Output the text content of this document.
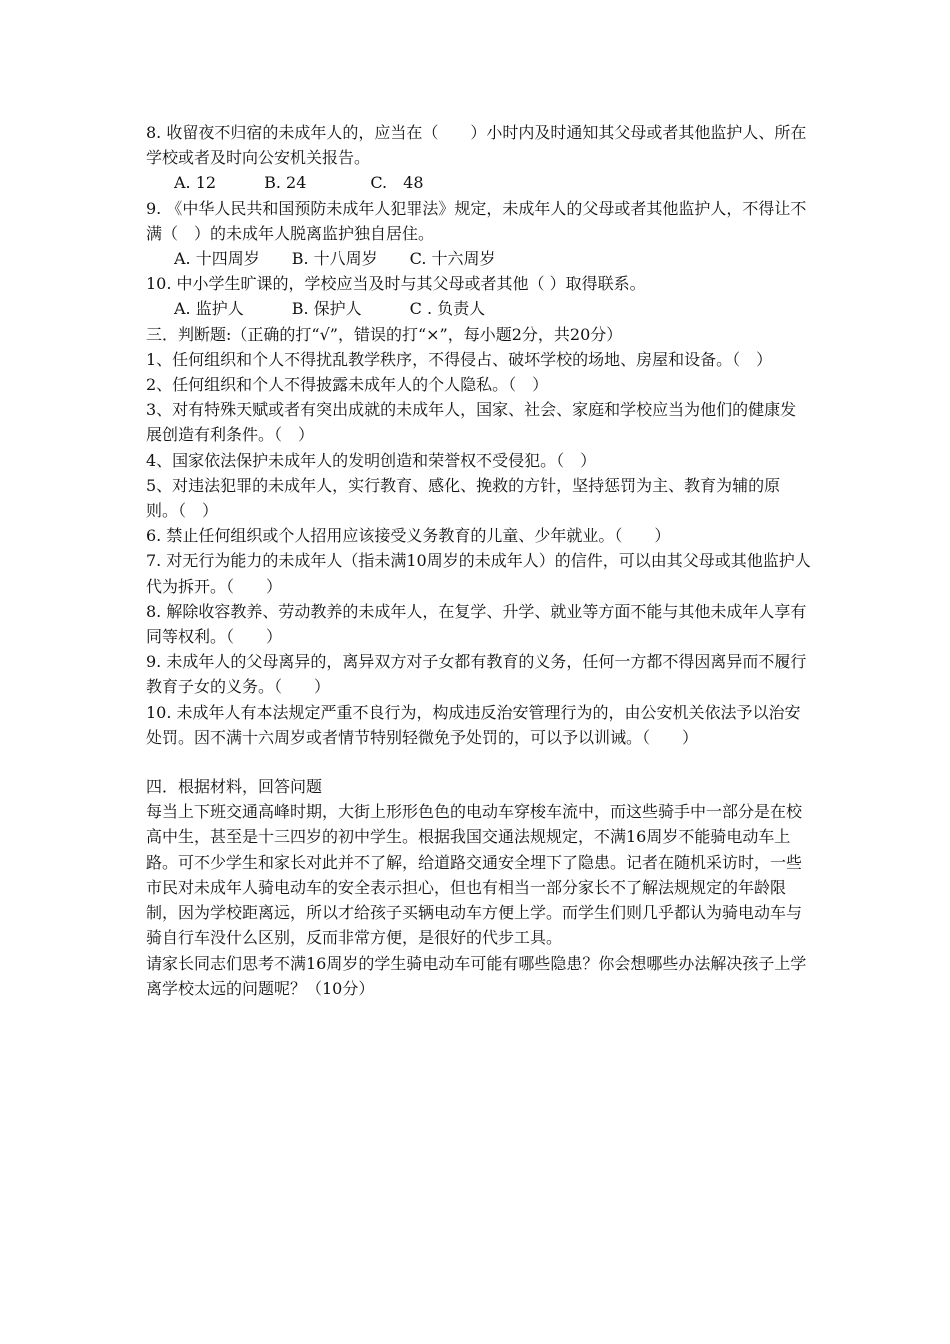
8. 收留夜不归宿的未成年人的，应当在（　　）小时内及时通知其父母或者其他监护人、所在学校或者及时向公安机关报告。

A. 12　　　B. 24　　　　C.　48

9. 《中华人民共和国预防未成年人犯罪法》规定，未成年人的父母或者其他监护人，不得让不满（　）的未成年人脱离监护独自居住。

A. 十四周岁　　B. 十八周岁　　C. 十六周岁

10. 中小学生旷课的，学校应当及时与其父母或者其他（ ）取得联系。

A. 监护人　　　B. 保护人　　　C . 负责人

三．判断题:（正确的打“√”，错误的打“×”，每小题2分，共20分）

1、任何组织和个人不得扰乱教学秩序，不得侵占、破坏学校的场地、房屋和设备。（　）

2、任何组织和个人不得披露未成年人的个人隐私。（　）

3、对有特殊天赋或者有突出成就的未成年人，国家、社会、家庭和学校应当为他们的健康发展创造有利条件。（　）

4、国家依法保护未成年人的发明创造和荣誉权不受侵犯。（　）

5、对违法犯罪的未成年人，实行教育、感化、挽救的方针，坚持惩罚为主、教育为辅的原则。（　）

6. 禁止任何组织或个人招用应该接受义务教育的儿童、少年就业。（　　）

7. 对无行为能力的未成年人（指未满10周岁的未成年人）的信件，可以由其父母或其他监护人代为拆开。（　　）

8. 解除收容教养、劳动教养的未成年人，在复学、升学、就业等方面不能与其他未成年人享有同等权利。（　　）

9. 未成年人的父母离异的，离异双方对子女都有教育的义务，任何一方都不得因离异而不履行教育子女的义务。（　　）

10. 未成年人有本法规定严重不良行为，构成违反治安管理行为的，由公安机关依法予以治安处罚。因不满十六周岁或者情节特别轻微免予处罚的，可以予以训诫。（　　）

四．根据材料，回答问题

每当上下班交通高峰时期，大街上形形色色的电动车穿梭车流中，而这些骑手中一部分是在校高中生，甚至是十三四岁的初中学生。根据我国交通法规规定，不满16周岁不能骑电动车上路。可不少学生和家长对此并不了解，给道路交通安全埋下了隐患。记者在随机采访时，一些市民对未成年人骑电动车的安全表示担心，但也有相当一部分家长不了解法规规定的年龄限制，因为学校距离远，所以才给孩子买辆电动车方便上学。而学生们则几乎都认为骑电动车与骑自行车没什么区别，反而非常方便，是很好的代步工具。

请家长同志们思考不满16周岁的学生骑电动车可能有哪些隐患？你会想哪些办法解决孩子上学离学校太远的问题呢？（10分）
